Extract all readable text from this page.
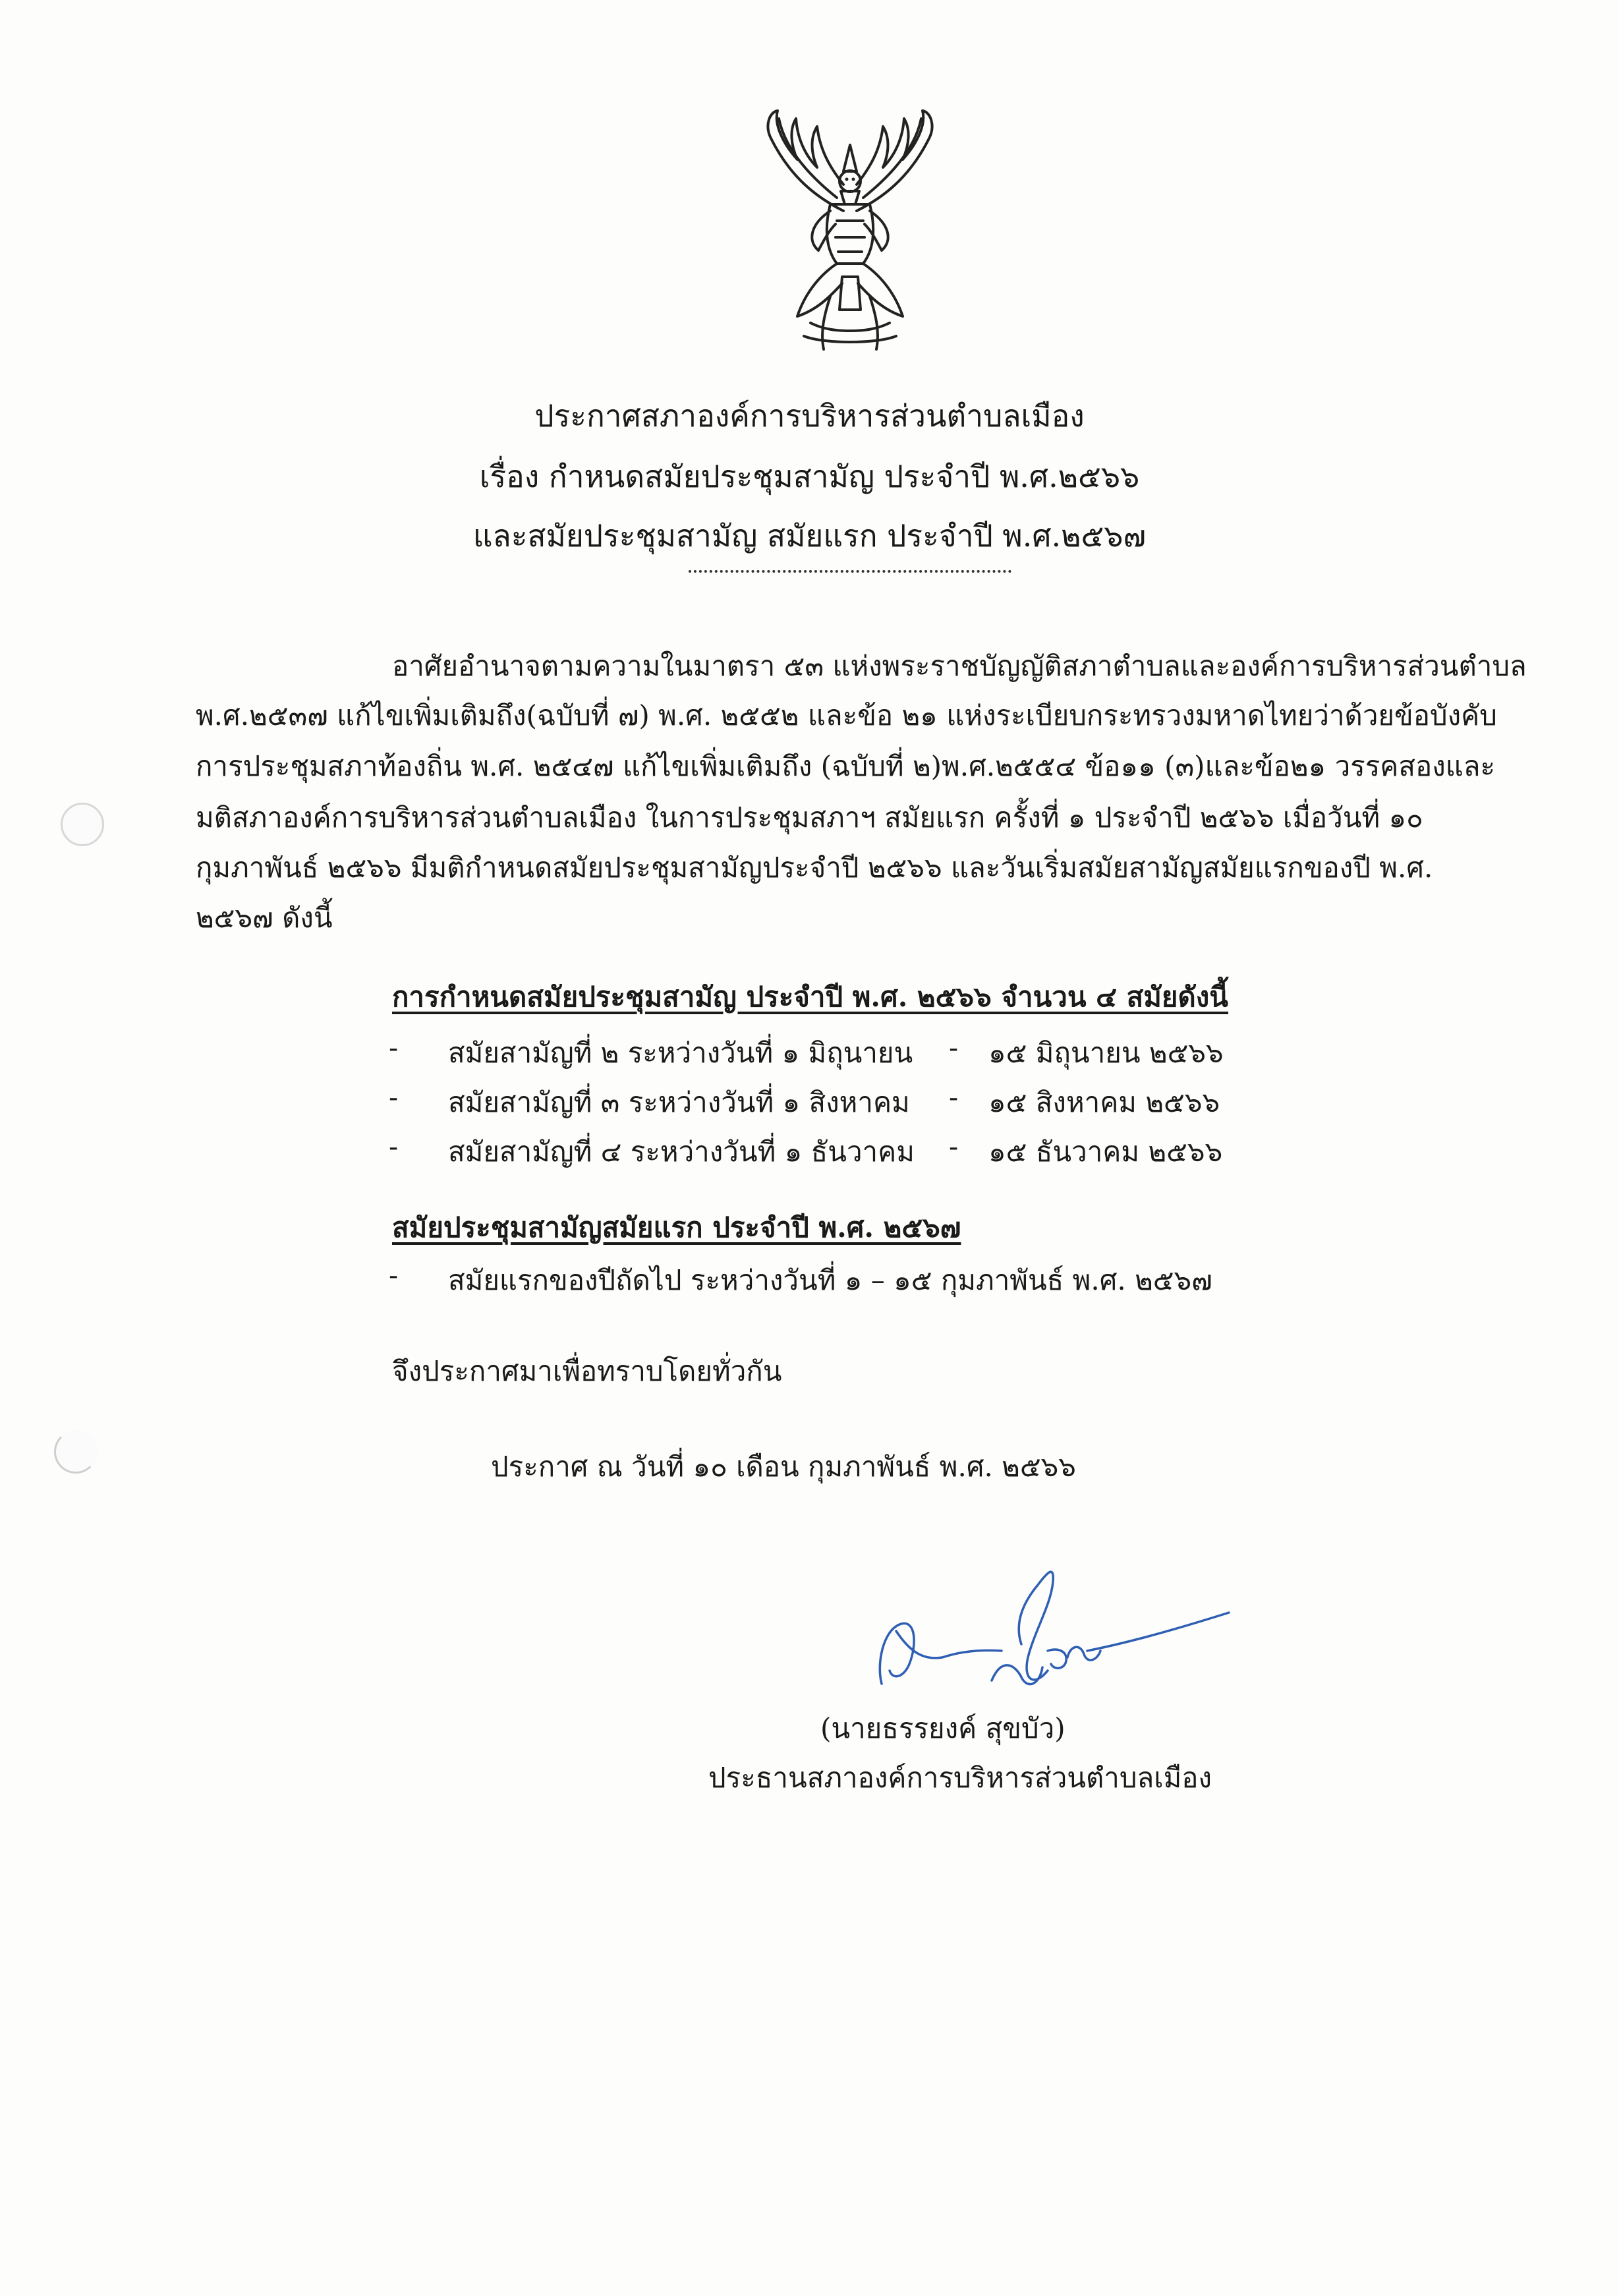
ประกาศสภาองค์การบริหารส่วนตำบลเมือง
เรื่อง กำหนดสมัยประชุมสามัญ ประจำปี พ.ศ.๒๕๖๖
และสมัยประชุมสามัญ สมัยแรก ประจำปี พ.ศ.๒๕๖๗
อาศัยอำนาจตามความในมาตรา ๕๓ แห่งพระราชบัญญัติสภาตำบลและองค์การบริหารส่วนตำบล
พ.ศ.๒๕๓๗ แก้ไขเพิ่มเติมถึง(ฉบับที่ ๗) พ.ศ. ๒๕๕๒ และข้อ ๒๑ แห่งระเบียบกระทรวงมหาดไทยว่าด้วยข้อบังคับ
การประชุมสภาท้องถิ่น พ.ศ. ๒๕๔๗ แก้ไขเพิ่มเติมถึง (ฉบับที่ ๒)พ.ศ.๒๕๕๔ ข้อ๑๑ (๓)และข้อ๒๑ วรรคสองและ
มติสภาองค์การบริหารส่วนตำบลเมือง ในการประชุมสภาฯ สมัยแรก ครั้งที่ ๑ ประจำปี ๒๕๖๖ เมื่อวันที่ ๑๐
กุมภาพันธ์ ๒๕๖๖ มีมติกำหนดสมัยประชุมสามัญประจำปี ๒๕๖๖ และวันเริ่มสมัยสามัญสมัยแรกของปี พ.ศ.
๒๕๖๗ ดังนี้
การกำหนดสมัยประชุมสามัญ ประจำปี พ.ศ. ๒๕๖๖ จำนวน ๔ สมัยดังนี้
- สมัยสามัญที่ ๒ ระหว่างวันที่ ๑ มิถุนายน - ๑๕ มิถุนายน ๒๕๖๖
- สมัยสามัญที่ ๓ ระหว่างวันที่ ๑ สิงหาคม - ๑๕ สิงหาคม ๒๕๖๖
- สมัยสามัญที่ ๔ ระหว่างวันที่ ๑ ธันวาคม - ๑๕ ธันวาคม ๒๕๖๖
สมัยประชุมสามัญสมัยแรก ประจำปี พ.ศ. ๒๕๖๗
- สมัยแรกของปีถัดไป ระหว่างวันที่ ๑ – ๑๕ กุมภาพันธ์ พ.ศ. ๒๕๖๗
จึงประกาศมาเพื่อทราบโดยทั่วกัน
ประกาศ ณ วันที่ ๑๐ เดือน กุมภาพันธ์ พ.ศ. ๒๕๖๖
(นายธรรยงค์ สุขบัว)
ประธานสภาองค์การบริหารส่วนตำบลเมือง
